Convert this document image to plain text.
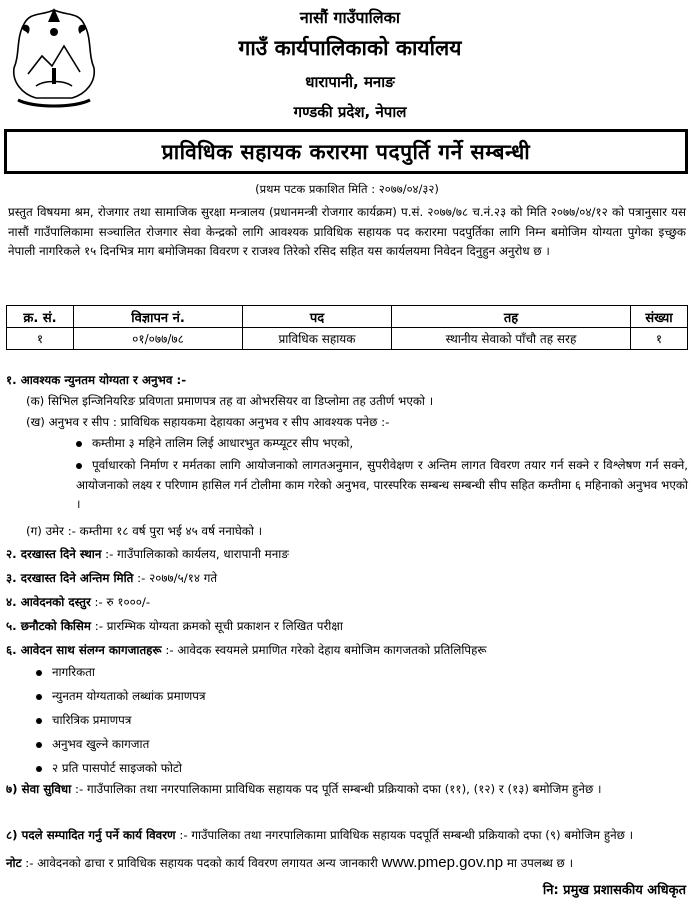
नासौं गाउँपालिका
गाउँ कार्यपालिकाको कार्यालय
धारापानी, मनाङ
गण्डकी प्रदेश, नेपाल
प्राविधिक सहायक करारमा पदपुर्ति गर्ने सम्बन्धी
(प्रथम पटक प्रकाशित मिति : २०७७/०४/३२)
प्रस्तुत विषयमा श्रम, रोजगार तथा सामाजिक सुरक्षा मन्त्रालय (प्रधानमन्त्री रोजगार कार्यक्रम) प.सं. २०७७/७८ च.नं.२३ को मिति २०७७/०४/१२ को पत्रानुसार यस नासौं गाउँपालिकामा सञ्चालित रोजगार सेवा केन्द्रको लागि आवश्यक प्राविधिक सहायक पद करारमा पदपुर्तिका लागि निम्न बमोजिम योग्यता पुगेका इच्छुक नेपाली नागरिकले १५ दिनभित्र माग बमोजिमका विवरण र राजश्व तिरेको रसिद सहित यस कार्यलयमा निवेदन दिनुहुन अनुरोध छ ।
क्र. सं.	विज्ञापन नं.	पद	तह	संख्या
१	०१/०७७/७८	प्राविधिक सहायक	स्थानीय सेवाको पाँचौ तह सरह	१
१. आवश्यक न्युनतम योग्यता र अनुभव :-
(क) सिभिल इन्जिनियरिङ प्रविणता प्रमाणपत्र तह वा ओभरसियर वा डिप्लोमा तह उतीर्ण भएको ।
(ख) अनुभव र सीप : प्राविधिक सहायकमा देहायका अनुभव र सीप आवश्यक पनेछ :-
कम्तीमा ३ महिने तालिम लिई आधारभुत कम्प्यूटर सीप भएको,
पूर्वाधारको निर्माण र मर्मतका लागि आयोजनाको लागतअनुमान, सुपरीवेक्षण र अन्तिम लागत विवरण तयार गर्न सक्ने र विश्लेषण गर्न सक्ने, आयोजनाको लक्ष्य र परिणाम हासिल गर्न टोलीमा काम गरेको अनुभव, पारस्परिक सम्बन्ध सम्बन्धी सीप सहित कम्तीमा ६ महिनाको अनुभव भएको ।
(ग) उमेर :- कम्तीमा १८ वर्ष पुरा भई ४५ वर्ष ननाघेको ।
२. दरखास्त दिने स्थान :- गाउँपालिकाको कार्यलय, धारापानी मनाङ
३. दरखास्त दिने अन्तिम मिति :- २०७७/५/१४ गते
४. आवेदनको दस्तुर :- रु १०००/-
५. छनौटको किसिम :- प्रारम्भिक योग्यता क्रमको सूची प्रकाशन र लिखित परीक्षा
६. आवेदन साथ संलग्न कागजातहरू :- आवेदक स्वयमले प्रमाणित गरेको देहाय बमोजिम कागजतको प्रतिलिपिहरू
नागरिकता
न्युनतम योग्यताको लब्धांक प्रमाणपत्र
चारित्रिक प्रमाणपत्र
अनुभव खुल्ने कागजात
२ प्रति पासपोर्ट साइजको फोटो
७) सेवा सुविधा :- गाउँपालिका तथा नगरपालिकामा प्राविधिक सहायक पद पूर्ति सम्बन्धी प्रक्रियाको दफा (११), (१२) र (१३) बमोजिम हुनेछ ।
८) पदले सम्पादित गर्नु पर्ने कार्य विवरण :- गाउँपालिका तथा नगरपालिकामा प्राविधिक सहायक पदपूर्ति सम्बन्धी प्रक्रियाको दफा (९) बमोजिम हुनेछ ।
नोट :- आवेदनको ढाचा र प्राविधिक सहायक पदको कार्य विवरण लगायत अन्य जानकारी www.pmep.gov.np मा उपलब्ध छ ।
नि: प्रमुख प्रशासकीय अधिकृत
